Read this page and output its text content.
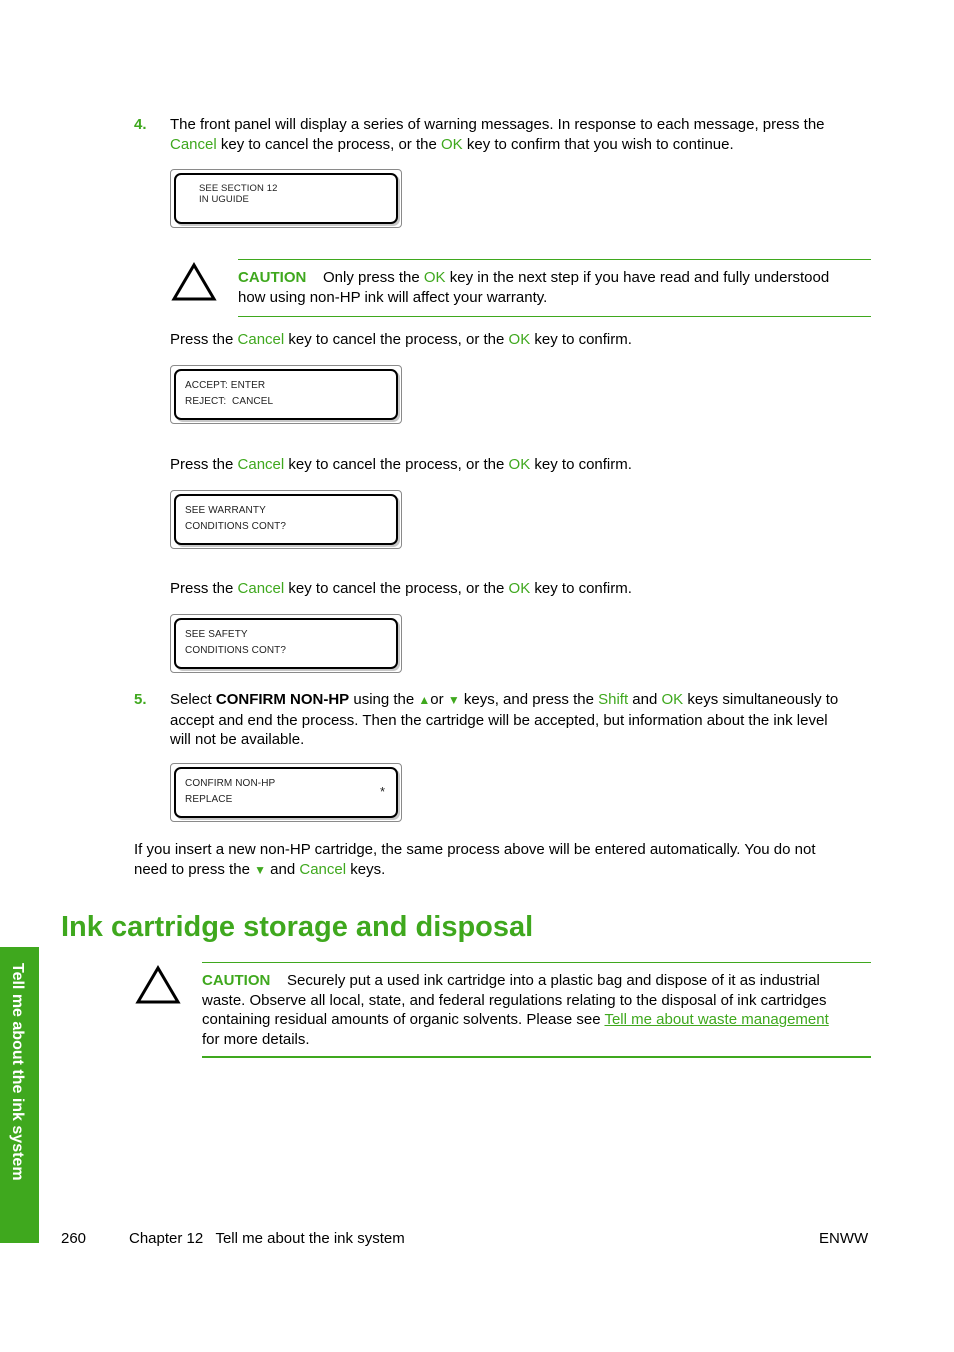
4. The front panel will display a series of warning messages. In response to each message, press the
Cancel key to cancel the process, or the OK key to confirm that you wish to continue.
SEE SECTION 12
IN UGUIDE
CAUTION Only press the OK key in the next step if you have read and fully understood
how using non-HP ink will affect your warranty.
Press the Cancel key to cancel the process, or the OK key to confirm.
ACCEPT: ENTER
REJECT:  CANCEL
Press the Cancel key to cancel the process, or the OK key to confirm.
SEE WARRANTY
CONDITIONS CONT?
Press the Cancel key to cancel the process, or the OK key to confirm.
SEE SAFETY
CONDITIONS CONT?
5. Select CONFIRM NON-HP using the ▲or ▼ keys, and press the Shift and OK keys simultaneously to
accept and end the process. Then the cartridge will be accepted, but information about the ink level
will not be available.
CONFIRM NON-HP
REPLACE
*
If you insert a new non-HP cartridge, the same process above will be entered automatically. You do not
need to press the ▼ and Cancel keys.
Ink cartridge storage and disposal
CAUTION Securely put a used ink cartridge into a plastic bag and dispose of it as industrial
waste. Observe all local, state, and federal regulations relating to the disposal of ink cartridges
containing residual amounts of organic solvents. Please see Tell me about waste management
for more details.
Tell me about the ink system
260	Chapter 12   Tell me about the ink system	ENWW
